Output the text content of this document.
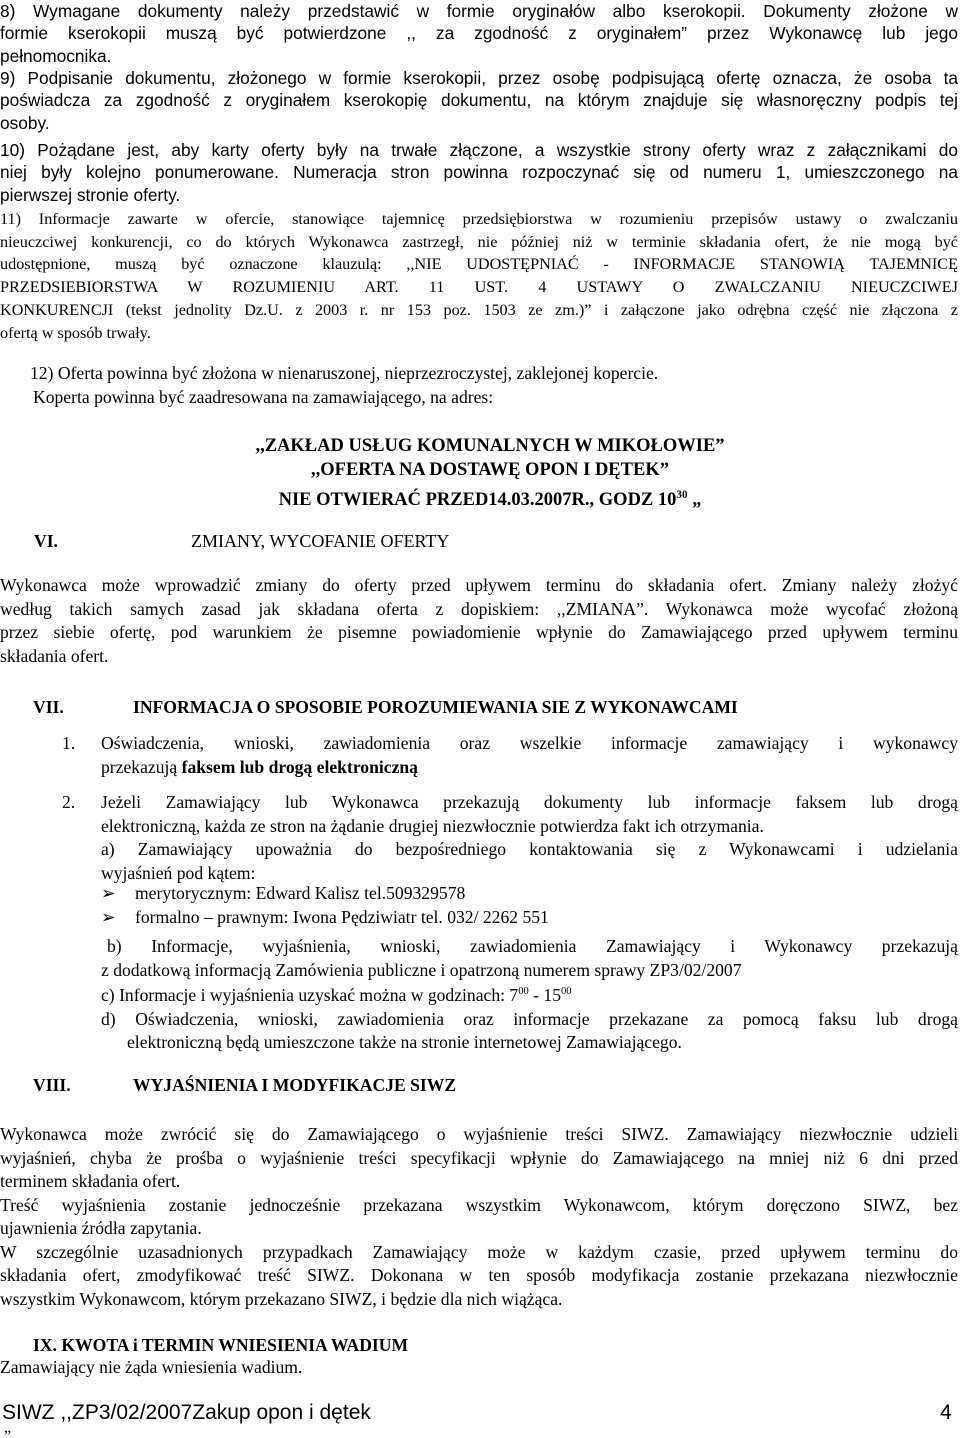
8) Wymagane dokumenty należy przedstawić w formie oryginałów albo kserokopii. Dokumenty złożone w
formie kserokopii muszą być potwierdzone ,, za zgodność z oryginałem” przez Wykonawcę lub jego
pełnomocnika.
9) Podpisanie dokumentu, złożonego w formie kserokopii, przez osobę podpisującą ofertę oznacza, że osoba ta
poświadcza za zgodność z oryginałem kserokopię dokumentu, na którym znajduje się własnoręczny podpis tej
osoby.
10) Pożądane jest, aby karty oferty były na trwałe złączone, a wszystkie strony oferty wraz z załącznikami do
niej były kolejno ponumerowane. Numeracja stron powinna rozpoczynać się od numeru 1, umieszczonego na
pierwszej stronie oferty.
11) Informacje zawarte w ofercie, stanowiące tajemnicę przedsiębiorstwa w rozumieniu przepisów ustawy o zwalczaniu
nieuczciwej konkurencji, co do których Wykonawca zastrzegł, nie później niż w terminie składania ofert, że nie mogą być
udostępnione, muszą być oznaczone klauzulą: ,,NIE UDOSTĘPNIAĆ - INFORMACJE STANOWIĄ TAJEMNICĘ
PRZEDSIEBIORSTWA W ROZUMIENIU ART. 11 UST. 4 USTAWY O ZWALCZANIU NIEUCZCIWEJ
KONKURENCJI (tekst jednolity Dz.U. z 2003 r. nr 153 poz. 1503 ze zm.)” i załączone jako odrębna część nie złączona z
ofertą w sposób trwały.
12) Oferta powinna być złożona w nienaruszonej, nieprzezroczystej, zaklejonej kopercie.
Koperta powinna być zaadresowana na zamawiającego, na adres:
,,ZAKŁAD USŁUG KOMUNALNYCH W MIKOŁOWIE”
,,OFERTA NA DOSTAWĘ OPON I DĘTEK”
NIE OTWIERAĆ PRZED14.03.2007R., GODZ $10^{30}$ „
VI.	ZMIANY, WYCOFANIE OFERTY
Wykonawca może wprowadzić zmiany do oferty przed upływem terminu do składania ofert. Zmiany należy złożyć
według takich samych zasad jak składana oferta z dopiskiem: ,,ZMIANA”. Wykonawca może wycofać złożoną
przez siebie ofertę, pod warunkiem że pisemne powiadomienie wpłynie do Zamawiającego przed upływem terminu
składania ofert.
VII.	INFORMACJA O SPOSOBIE POROZUMIEWANIA SIE Z WYKONAWCAMI
1. Oświadczenia, wnioski, zawiadomienia oraz wszelkie informacje zamawiający i wykonawcy
przekazują faksem lub drogą elektroniczną
2. Jeżeli Zamawiający lub Wykonawca przekazują dokumenty lub informacje faksem lub drogą
elektroniczną, każda ze stron na żądanie drugiej niezwłocznie potwierdza fakt ich otrzymania.
a) Zamawiający upoważnia do bezpośredniego kontaktowania się z Wykonawcami i udzielania
wyjaśnień pod kątem:
➢ merytorycznym: Edward Kalisz tel.509329578
➢ formalno – prawnym: Iwona Pędziwiatr tel. 032/ 2262 551
b) Informacje, wyjaśnienia, wnioski, zawiadomienia Zamawiający i Wykonawcy przekazują
z dodatkową informacją Zamówienia publiczne i opatrzoną numerem sprawy ZP3/02/2007
c) Informacje i wyjaśnienia uzyskać można w godzinach: $7^{00} - 15^{00}$
d) Oświadczenia, wnioski, zawiadomienia oraz informacje przekazane za pomocą faksu lub drogą
elektroniczną będą umieszczone także na stronie internetowej Zamawiającego.
VIII.	WYJAŚNIENIA I MODYFIKACJE SIWZ
Wykonawca może zwrócić się do Zamawiającego o wyjaśnienie treści SIWZ. Zamawiający niezwłocznie udzieli
wyjaśnień, chyba że prośba o wyjaśnienie treści specyfikacji wpłynie do Zamawiającego na mniej niż 6 dni przed
terminem składania ofert.
Treść wyjaśnienia zostanie jednocześnie przekazana wszystkim Wykonawcom, którym doręczono SIWZ, bez
ujawnienia źródła zapytania.
W szczególnie uzasadnionych przypadkach Zamawiający może w każdym czasie, przed upływem terminu do
składania ofert, zmodyfikować treść SIWZ. Dokonana w ten sposób modyfikacja zostanie przekazana niezwłocznie
wszystkim Wykonawcom, którym przekazano SIWZ, i będzie dla nich wiążąca.
IX. KWOTA i TERMIN WNIESIENIA WADIUM
Zamawiający nie żąda wniesienia wadium.
SIWZ ,,ZP3/02/2007Zakup opon i dętek	4
„
